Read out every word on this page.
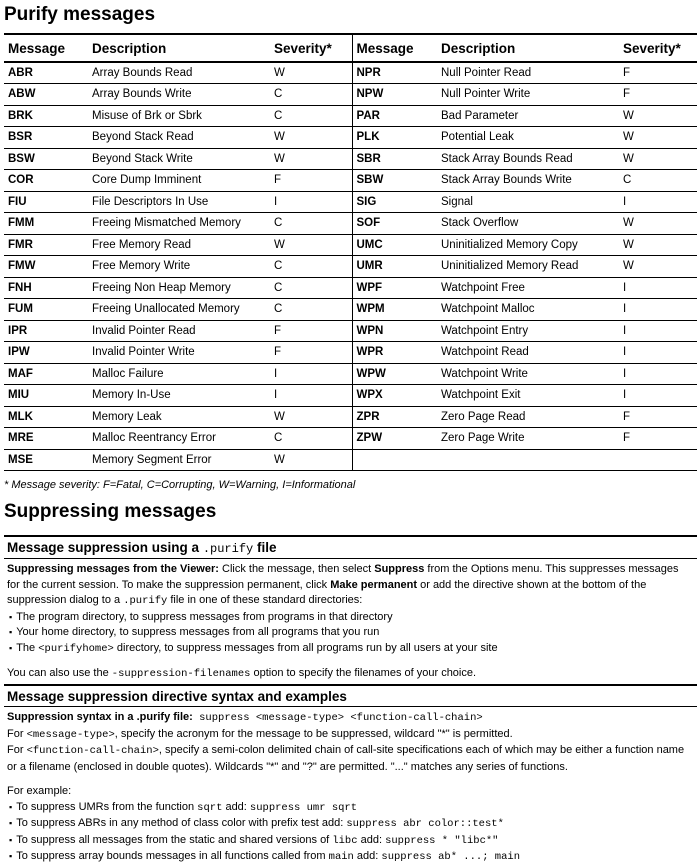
Purify messages
Message	Description	Severity*	Message	Description	Severity*
ABR	Array Bounds Read	W	NPR	Null Pointer Read	F
ABW	Array Bounds Write	C	NPW	Null Pointer Write	F
BRK	Misuse of Brk or Sbrk	C	PAR	Bad Parameter	W
BSR	Beyond Stack Read	W	PLK	Potential Leak	W
BSW	Beyond Stack Write	W	SBR	Stack Array Bounds Read	W
COR	Core Dump Imminent	F	SBW	Stack Array Bounds Write	C
FIU	File Descriptors In Use	I	SIG	Signal	I
FMM	Freeing Mismatched Memory	C	SOF	Stack Overflow	W
FMR	Free Memory Read	W	UMC	Uninitialized Memory Copy	W
FMW	Free Memory Write	C	UMR	Uninitialized Memory Read	W
FNH	Freeing Non Heap Memory	C	WPF	Watchpoint Free	I
FUM	Freeing Unallocated Memory	C	WPM	Watchpoint Malloc	I
IPR	Invalid Pointer Read	F	WPN	Watchpoint Entry	I
IPW	Invalid Pointer Write	F	WPR	Watchpoint Read	I
MAF	Malloc Failure	I	WPW	Watchpoint Write	I
MIU	Memory In-Use	I	WPX	Watchpoint Exit	I
MLK	Memory Leak	W	ZPR	Zero Page Read	F
MRE	Malloc Reentrancy Error	C	ZPW	Zero Page Write	F
MSE	Memory Segment Error	W			
* Message severity: F=Fatal, C=Corrupting, W=Warning, I=Informational
Suppressing messages
Message suppression using a .purify file
Suppressing messages from the Viewer: Click the message, then select Suppress from the Options menu. This suppresses messages for the current session. To make the suppression permanent, click Make permanent or add the directive shown at the bottom of the suppression dialog to a .purify file in one of these standard directories:
▪ The program directory, to suppress messages from programs in that directory
▪ Your home directory, to suppress messages from all programs that you run
▪ The <purifyhome> directory, to suppress messages from all programs run by all users at your site
You can also use the -suppression-filenames option to specify the filenames of your choice.
Message suppression directive syntax and examples
Suppression syntax in a .purify file: suppress <message-type> <function-call-chain>
For <message-type>, specify the acronym for the message to be suppressed, wildcard "*" is permitted.
For <function-call-chain>, specify a semi-colon delimited chain of call-site specifications each of which may be either a function name or a filename (enclosed in double quotes). Wildcards "*" and "?" are permitted. "..." matches any series of functions.
For example:
▪ To suppress UMRs from the function sqrt add: suppress umr sqrt
▪ To suppress ABRs in any method of class color with prefix test add: suppress abr color::test*
▪ To suppress all messages from the static and shared versions of libc add: suppress * "libc*"
▪ To suppress array bounds messages in all functions called from main add: suppress ab* ...; main
